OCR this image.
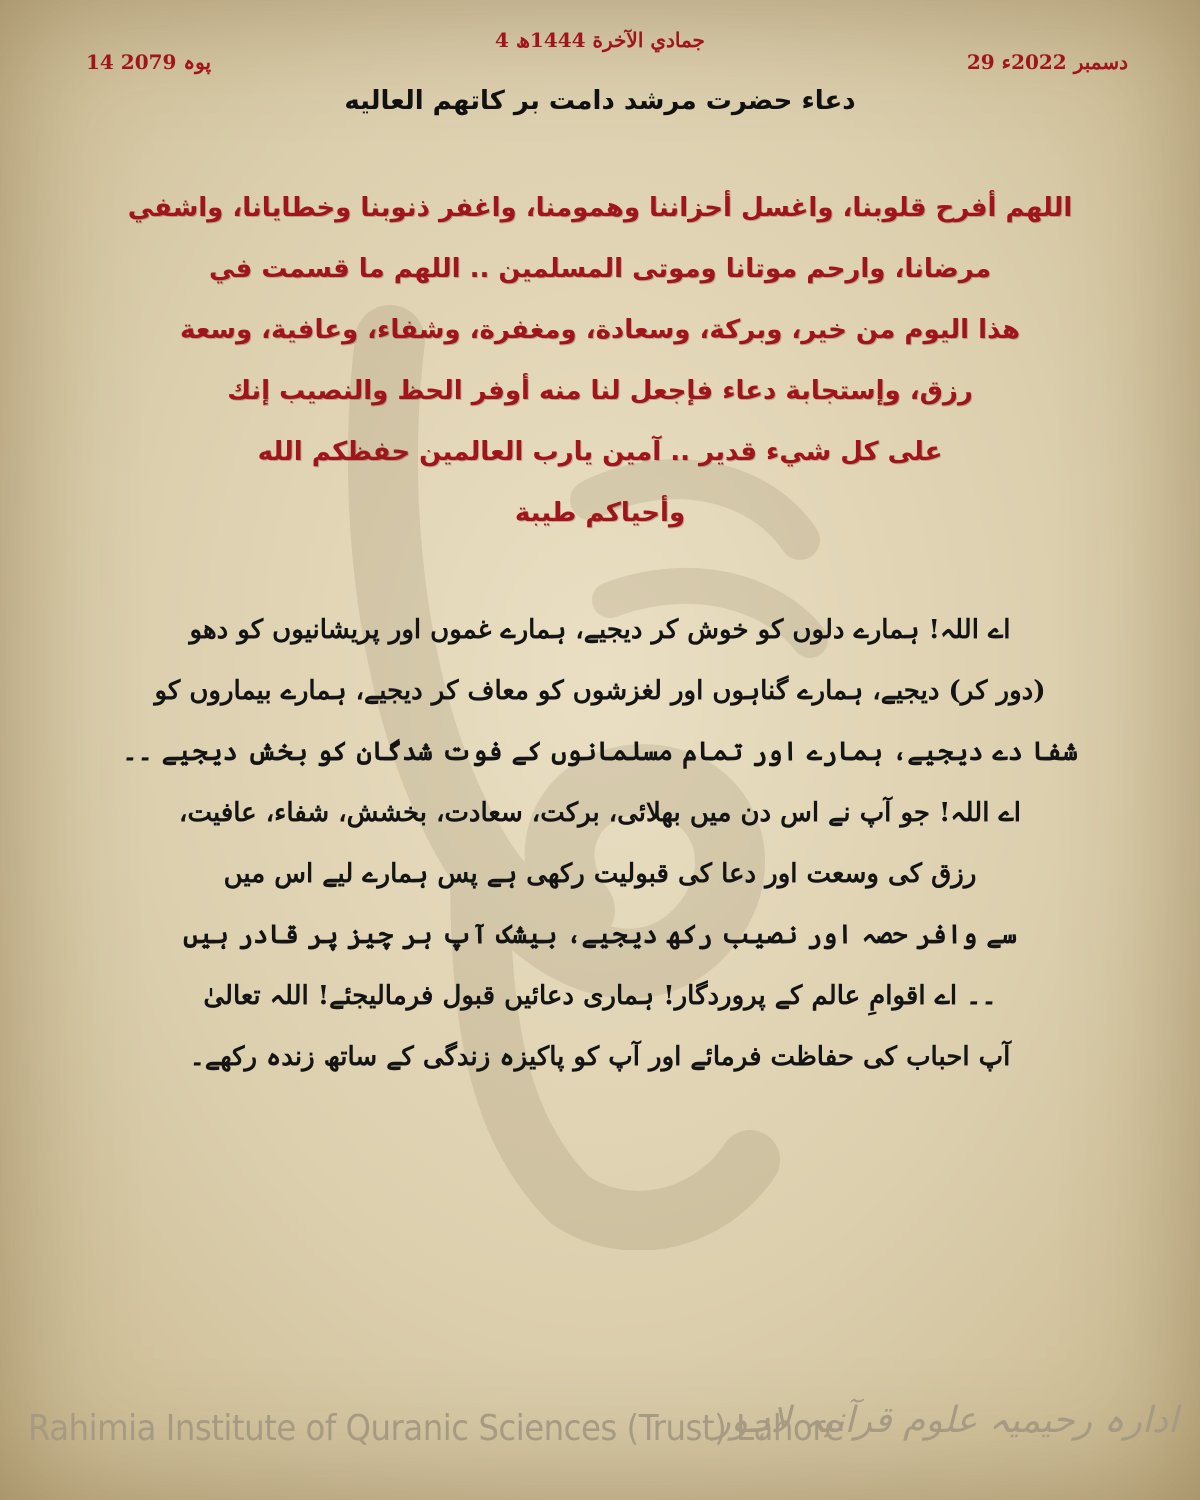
4 جمادي الآخرة 1444ھ
29 دسمبر 2022ء
14 پوہ 2079
دعاء حضرت مرشد دامت بر کاتهم العاليه

اللهم أفرح قلوبنا، واغسل أحزاننا وهمومنا، واغفر ذنوبنا وخطايانا، واشفي

مرضانا، وارحم موتانا وموتى المسلمين .. اللهم ما قسمت في

هذا اليوم من خير، وبركة، وسعادة، ومغفرة، وشفاء، وعافية، وسعة

رزق، وإستجابة دعاء فإجعل لنا منه أوفر الحظ والنصيب إنك

على كل شيء قدير .. آمين يارب العالمين حفظكم الله

وأحياكم طيبة

اے اللہ! ہمارے دلوں کو خوش کر دیجیے، ہمارے غموں اور پریشانیوں کو دھو

(دور کر) دیجیے، ہمارے گناہوں اور لغزشوں کو معاف کر دیجیے، ہمارے بیماروں کو

شفا دے دیجیے، ہمارے اور تمام مسلمانوں کے فوت شدگان کو بخش دیجیے ۔۔

اے اللہ! جو آپ نے اس دن میں بھلائی، برکت، سعادت، بخشش، شفاء، عافیت،

رزق کی وسعت اور دعا کی قبولیت رکھی ہے پس ہمارے لیے اس میں

سے وافر حصہ اور نصیب رکھ دیجیے، بیشک آپ ہر چیز پر قادر ہیں

۔۔ اے اقوامِ عالم کے پروردگار! ہماری دعائیں قبول فرمالیجئے! اللہ تعالیٰ

آپ احباب کی حفاظت فرمائے اور آپ کو پاکیزہ زندگی کے ساتھ زندہ رکھے۔

Rahimia Institute of Quranic Sciences (Trust) Lahore
ادارہ رحیمیہ علوم قرآنیہ لاہور
